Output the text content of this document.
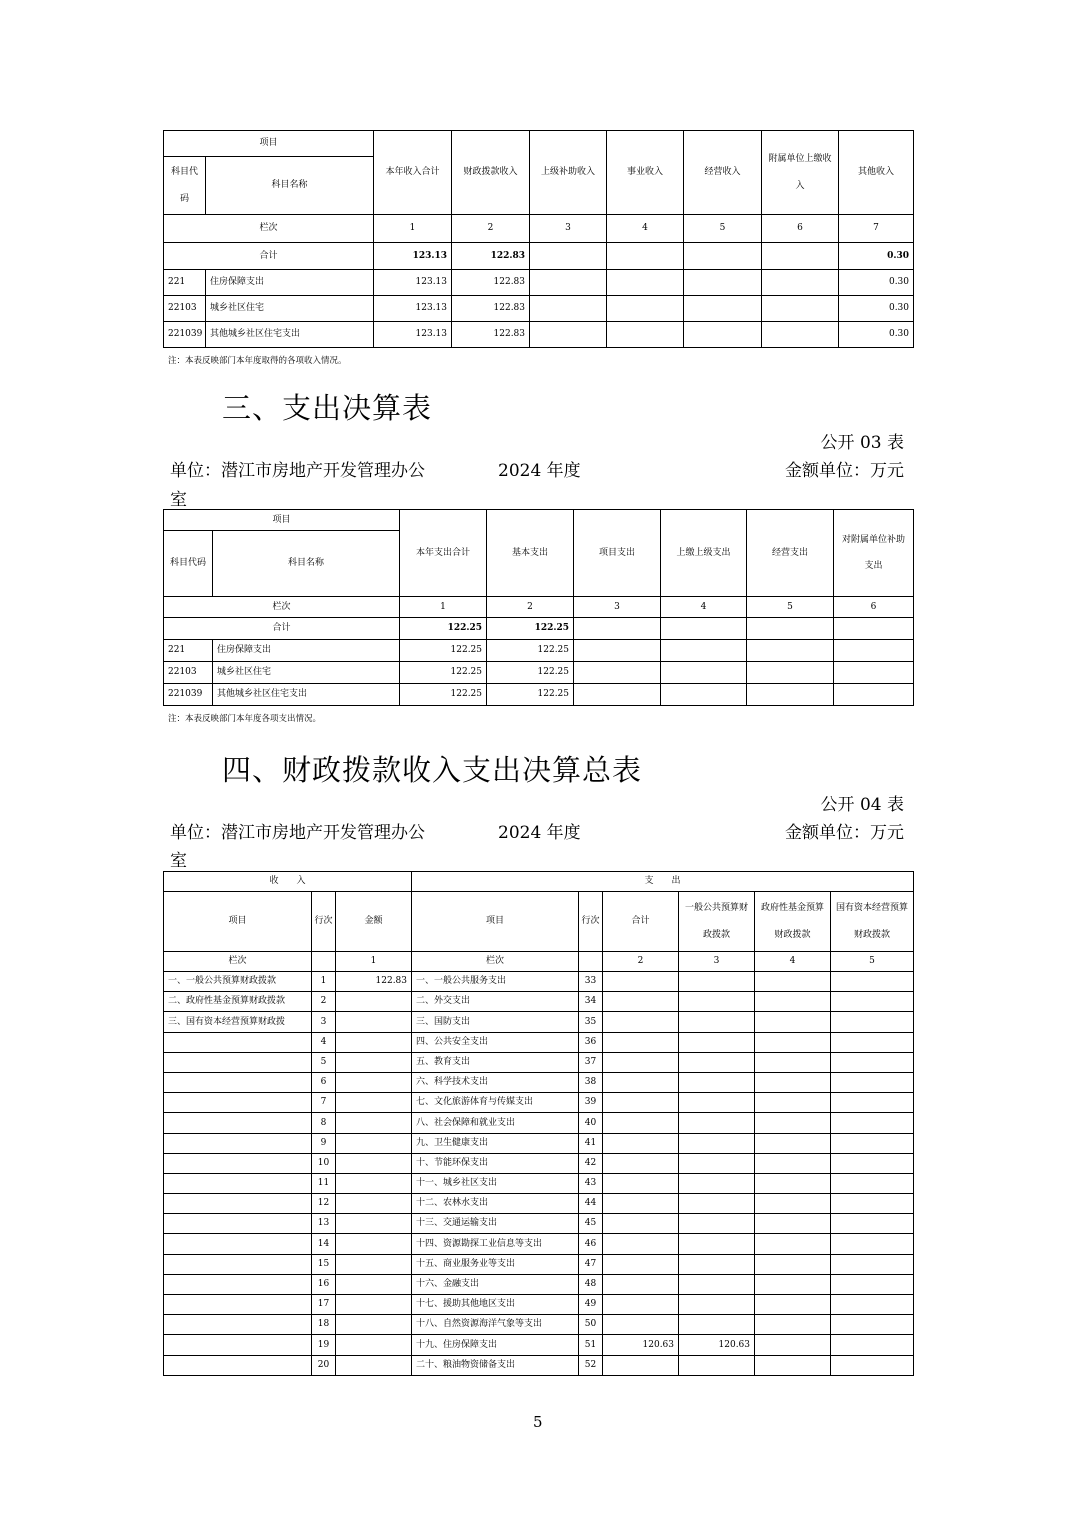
项目		本年收入合计	财政拨款收入	上级补助收入	事业收入	经营收入	附属单位上缴收入	其他收入
科目代码	科目名称							
栏次		1	2	3	4	5	6	7
合计		123.13	122.83					0.30
221	住房保障支出	123.13	122.83					0.30
22103	城乡社区住宅	123.13	122.83					0.30
221039	其他城乡社区住宅支出	123.13	122.83					0.30
注：本表反映部门本年度取得的各项收入情况。
三、支出决算表
公开 03 表
单位：潜江市房地产开发管理办公	2024 年度	金额单位：万元
室
项目		本年支出合计	基本支出	项目支出	上缴上级支出	经营支出	对附属单位补助支出
科目代码	科目名称						
栏次		1	2	3	4	5	6
合计		122.25	122.25				
221	住房保障支出	122.25	122.25				
22103	城乡社区住宅	122.25	122.25				
221039	其他城乡社区住宅支出	122.25	122.25				
注：本表反映部门本年度各项支出情况。
四、财政拨款收入支出决算总表
公开 04 表
单位：潜江市房地产开发管理办公	2024 年度	金额单位：万元
室
收　　入			支　　出					
项目	行次	金额	项目	行次	合计	一般公共预算财政拨款	政府性基金预算财政拨款	国有资本经营预算财政拨款
栏次		1	栏次		2	3	4	5
一、一般公共预算财政拨款	1	122.83	一、一般公共服务支出	33				
二、政府性基金预算财政拨款	2		二、外交支出	34				
三、国有资本经营预算财政拨	3		三、国防支出	35				
	4		四、公共安全支出	36				
	5		五、教育支出	37				
	6		六、科学技术支出	38				
	7		七、文化旅游体育与传媒支出	39				
	8		八、社会保障和就业支出	40				
	9		九、卫生健康支出	41				
	10		十、节能环保支出	42				
	11		十一、城乡社区支出	43				
	12		十二、农林水支出	44				
	13		十三、交通运输支出	45				
	14		十四、资源勘探工业信息等支出	46				
	15		十五、商业服务业等支出	47				
	16		十六、金融支出	48				
	17		十七、援助其他地区支出	49				
	18		十八、自然资源海洋气象等支出	50				
	19		十九、住房保障支出	51	120.63	120.63		
	20		二十、粮油物资储备支出	52				
5
